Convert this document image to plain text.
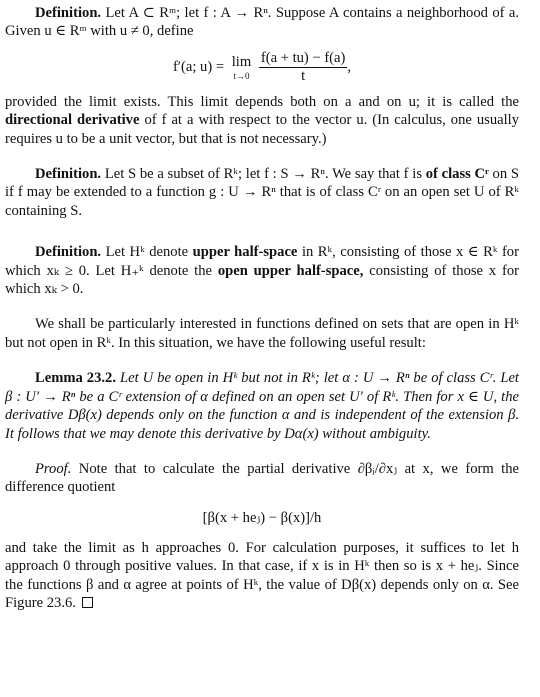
Definition. Let A ⊂ Rᵐ; let f : A → Rⁿ. Suppose A contains a neighborhood of a. Given u ∈ Rᵐ with u ≠ 0, define

f′(a; u) = lim
t→0
$\frac{f(a + tu) - f(a)}{t}$ ,

provided the limit exists. This limit depends both on a and on u; it is called the directional derivative of f at a with respect to the vector u. (In calculus, one usually requires u to be a unit vector, but that is not necessary.)

Definition. Let S be a subset of Rᵏ; let f : S → Rⁿ. We say that f is of class Cʳ on S if f may be extended to a function g : U → Rⁿ that is of class Cʳ on an open set U of Rᵏ containing S.

Definition. Let Hᵏ denote upper half-space in Rᵏ, consisting of those x ∈ Rᵏ for which xₖ ≥ 0. Let H₊ᵏ denote the open upper half-space, consisting of those x for which xₖ > 0.

We shall be particularly interested in functions defined on sets that are open in Hᵏ but not open in Rᵏ. In this situation, we have the following useful result:

Lemma 23.2. Let U be open in Hᵏ but not in Rᵏ; let α : U → Rⁿ be of class Cʳ. Let β : U′ → Rⁿ be a Cʳ extension of α defined on an open set U′ of Rᵏ. Then for x ∈ U, the derivative Dβ(x) depends only on the function α and is independent of the extension β. It follows that we may denote this derivative by Dα(x) without ambiguity.

Proof. Note that to calculate the partial derivative ∂βᵢ/∂xⱼ at x, we form the difference quotient

[β(x + heⱼ) − β(x)]/h

and take the limit as h approaches 0. For calculation purposes, it suffices to let h approach 0 through positive values. In that case, if x is in Hᵏ then so is x + heⱼ. Since the functions β and α agree at points of Hᵏ, the value of Dβ(x) depends only on α. See Figure 23.6.
